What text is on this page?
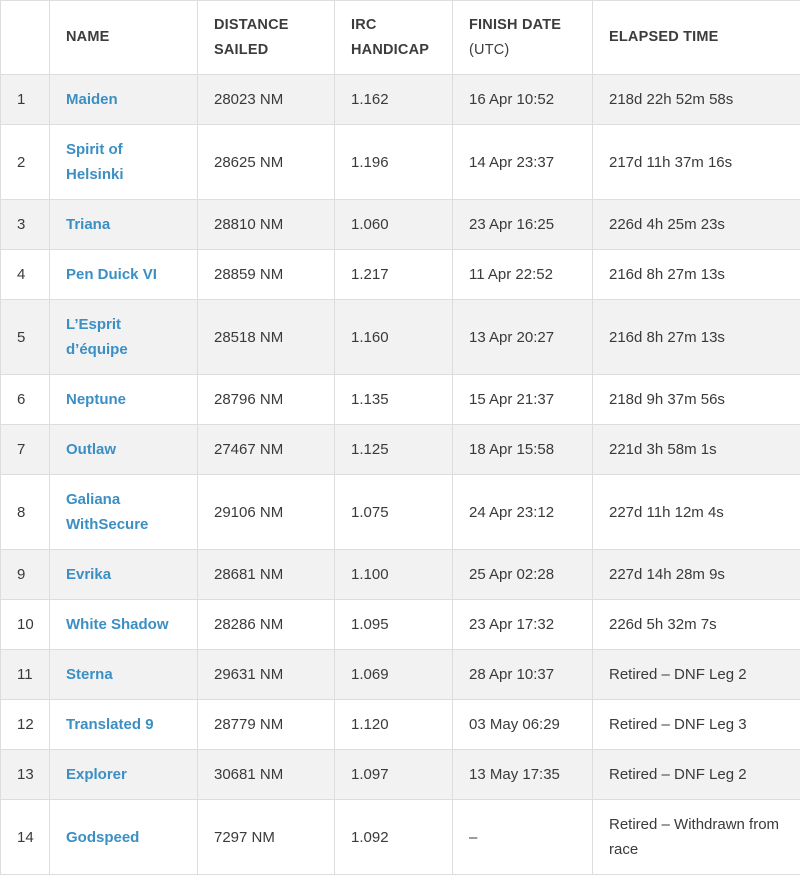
	NAME	DISTANCE SAILED	IRC HANDICAP	FINISH DATE (UTC)	ELAPSED TIME
1	Maiden	28023 NM	1.162	16 Apr 10:52	218d 22h 52m 58s
2	Spirit of Helsinki	28625 NM	1.196	14 Apr 23:37	217d 11h 37m 16s
3	Triana	28810 NM	1.060	23 Apr 16:25	226d 4h 25m 23s
4	Pen Duick VI	28859 NM	1.217	11 Apr 22:52	216d 8h 27m 13s
5	L’Esprit d’équipe	28518 NM	1.160	13 Apr 20:27	216d 8h 27m 13s
6	Neptune	28796 NM	1.135	15 Apr 21:37	218d 9h 37m 56s
7	Outlaw	27467 NM	1.125	18 Apr 15:58	221d 3h 58m 1s
8	Galiana WithSecure	29106 NM	1.075	24 Apr 23:12	227d 11h 12m 4s
9	Evrika	28681 NM	1.100	25 Apr 02:28	227d 14h 28m 9s
10	White Shadow	28286 NM	1.095	23 Apr 17:32	226d 5h 32m 7s
11	Sterna	29631 NM	1.069	28 Apr 10:37	Retired – DNF Leg 2
12	Translated 9	28779 NM	1.120	03 May 06:29	Retired – DNF Leg 3
13	Explorer	30681 NM	1.097	13 May 17:35	Retired – DNF Leg 2
14	Godspeed	7297 NM	1.092	–	Retired – Withdrawn from race
